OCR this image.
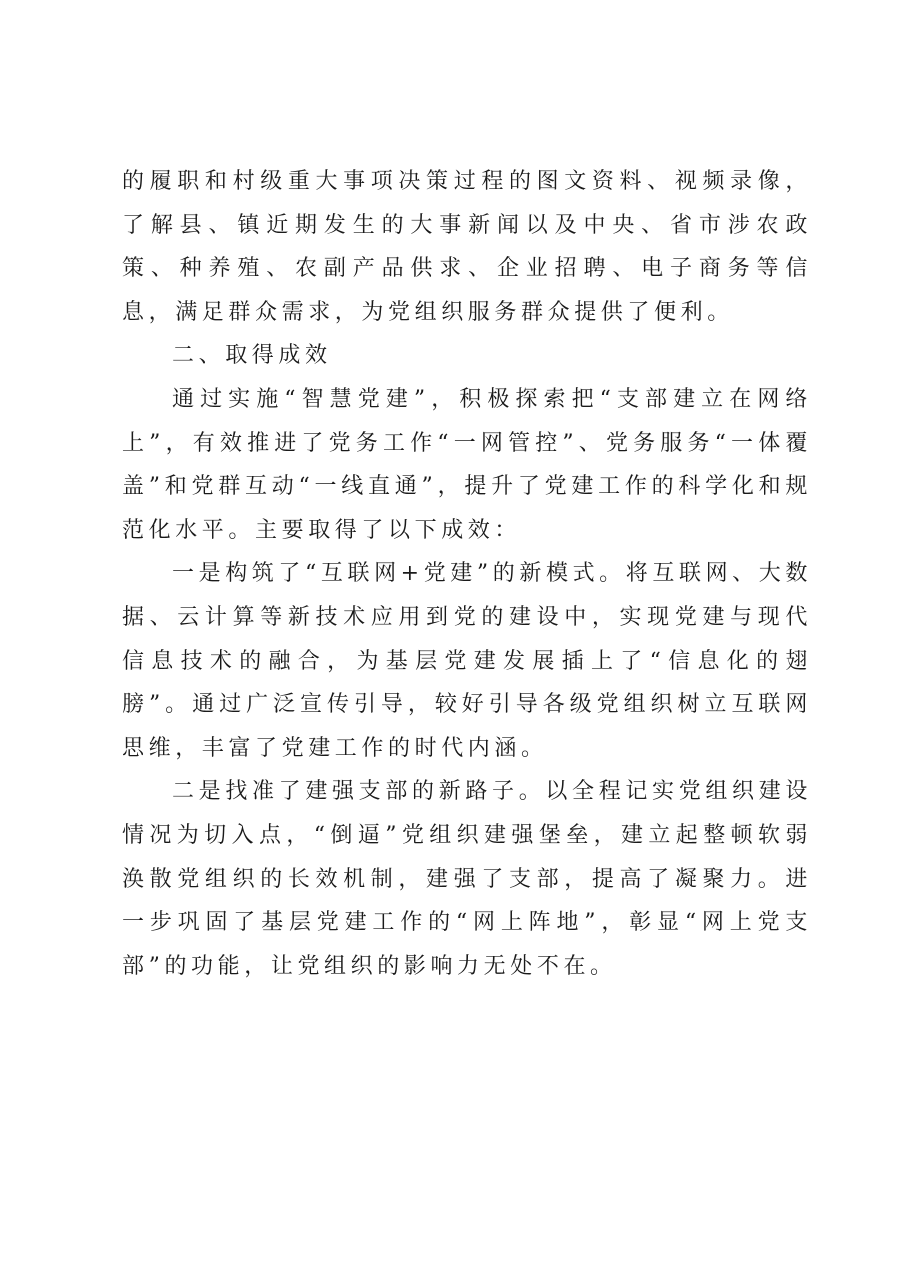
的履职和村级重大事项决策过程的图文资料、视频录像，了解县、镇近期发生的大事新闻以及中央、省市涉农政策、种养殖、农副产品供求、企业招聘、电子商务等信息，满足群众需求，为党组织服务群众提供了便利。

二、取得成效

通过实施“智慧党建”，积极探索把“支部建立在网络上”，有效推进了党务工作“一网管控”、党务服务“一体覆盖”和党群互动“一线直通”，提升了党建工作的科学化和规范化水平。主要取得了以下成效：

一是构筑了“互联网+党建”的新模式。将互联网、大数据、云计算等新技术应用到党的建设中，实现党建与现代信息技术的融合，为基层党建发展插上了“信息化的翅膀”。通过广泛宣传引导，较好引导各级党组织树立互联网思维，丰富了党建工作的时代内涵。

二是找准了建强支部的新路子。以全程记实党组织建设情况为切入点，“倒逼”党组织建强堡垒，建立起整顿软弱涣散党组织的长效机制，建强了支部，提高了凝聚力。进一步巩固了基层党建工作的“网上阵地”，彰显“网上党支部”的功能，让党组织的影响力无处不在。
